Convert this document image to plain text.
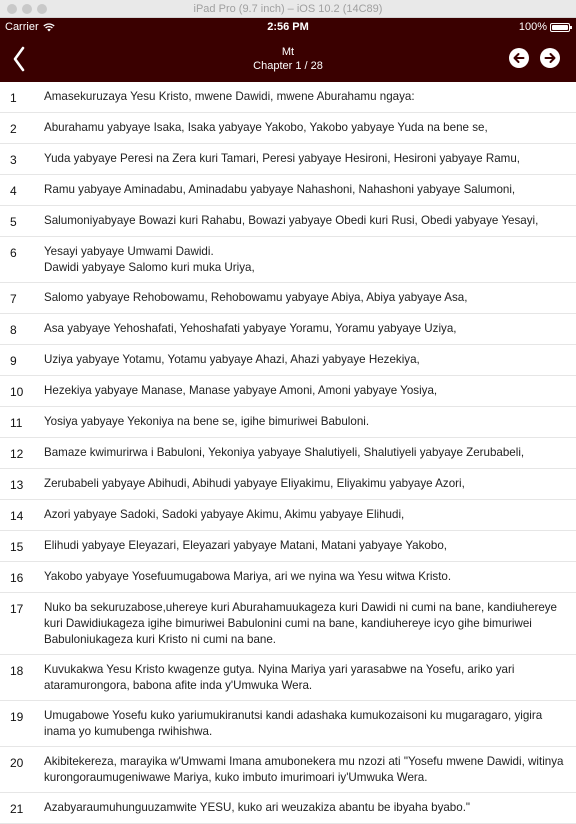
iPad Pro (9.7 inch) – iOS 10.2 (14C89)
Carrier	2:56 PM	100%
Mt
Chapter 1 / 28
1	Amasekuruzaya Yesu Kristo, mwene Dawidi, mwene Aburahamu ngaya:
2	Aburahamu yabyaye Isaka, Isaka yabyaye Yakobo, Yakobo yabyaye Yuda na bene se,
3	Yuda yabyaye Peresi na Zera kuri Tamari, Peresi yabyaye Hesironi, Hesironi yabyaye Ramu,
4	Ramu yabyaye Aminadabu, Aminadabu yabyaye Nahashoni, Nahashoni yabyaye Salumoni,
5	Salumoniyabyaye Bowazi kuri Rahabu, Bowazi yabyaye Obedi kuri Rusi, Obedi yabyaye Yesayi,
6	Yesayi yabyaye Umwami Dawidi.
Dawidi yabyaye Salomo kuri muka Uriya,
7	Salomo yabyaye Rehobowamu, Rehobowamu yabyaye Abiya, Abiya yabyaye Asa,
8	Asa yabyaye Yehoshafati, Yehoshafati yabyaye Yoramu, Yoramu yabyaye Uziya,
9	Uziya yabyaye Yotamu, Yotamu yabyaye Ahazi, Ahazi yabyaye Hezekiya,
10	Hezekiya yabyaye Manase, Manase yabyaye Amoni, Amoni yabyaye Yosiya,
11	Yosiya yabyaye Yekoniya na bene se, igihe bimuriwei Babuloni.
12	Bamaze kwimurirwa i Babuloni, Yekoniya yabyaye Shalutiyeli, Shalutiyeli yabyaye Zerubabeli,
13	Zerubabeli yabyaye Abihudi, Abihudi yabyaye Eliyakimu, Eliyakimu yabyaye Azori,
14	Azori yabyaye Sadoki, Sadoki yabyaye Akimu, Akimu yabyaye Elihudi,
15	Elihudi yabyaye Eleyazari, Eleyazari yabyaye Matani, Matani yabyaye Yakobo,
16	Yakobo yabyaye Yosefuumugabowa Mariya, ari we nyina wa Yesu witwa Kristo.
17	Nuko ba sekuruzabose,uhereye kuri Aburahamuukageza kuri Dawidi ni cumi na bane, kandiuhereye kuri Dawidiukageza igihe bimuriwei Babulonini cumi na bane, kandiuhereye icyo gihe bimuriwei Babuloniukageza kuri Kristo ni cumi na bane.
18	Kuvukakwa Yesu Kristo kwagenze gutya. Nyina Mariya yari yarasabwe na Yosefu, ariko yari ataramurongora, babona afite inda y'Umwuka Wera.
19	Umugabowe Yosefu kuko yariumukiranutsi kandi adashaka kumukozaisoni ku mugaragaro, yigira inama yo kumubenga rwihishwa.
20	Akibitekereza, marayika w'Umwami Imana amubonekera mu nzozi ati "Yosefu mwene Dawidi, witinya kurongoraumugeniwawe Mariya, kuko imbuto imurimoari iy'Umwuka Wera.
21	Azabyaraumuhunguuzamwite YESU, kuko ari weuzakiza abantu be ibyaha byabo."
